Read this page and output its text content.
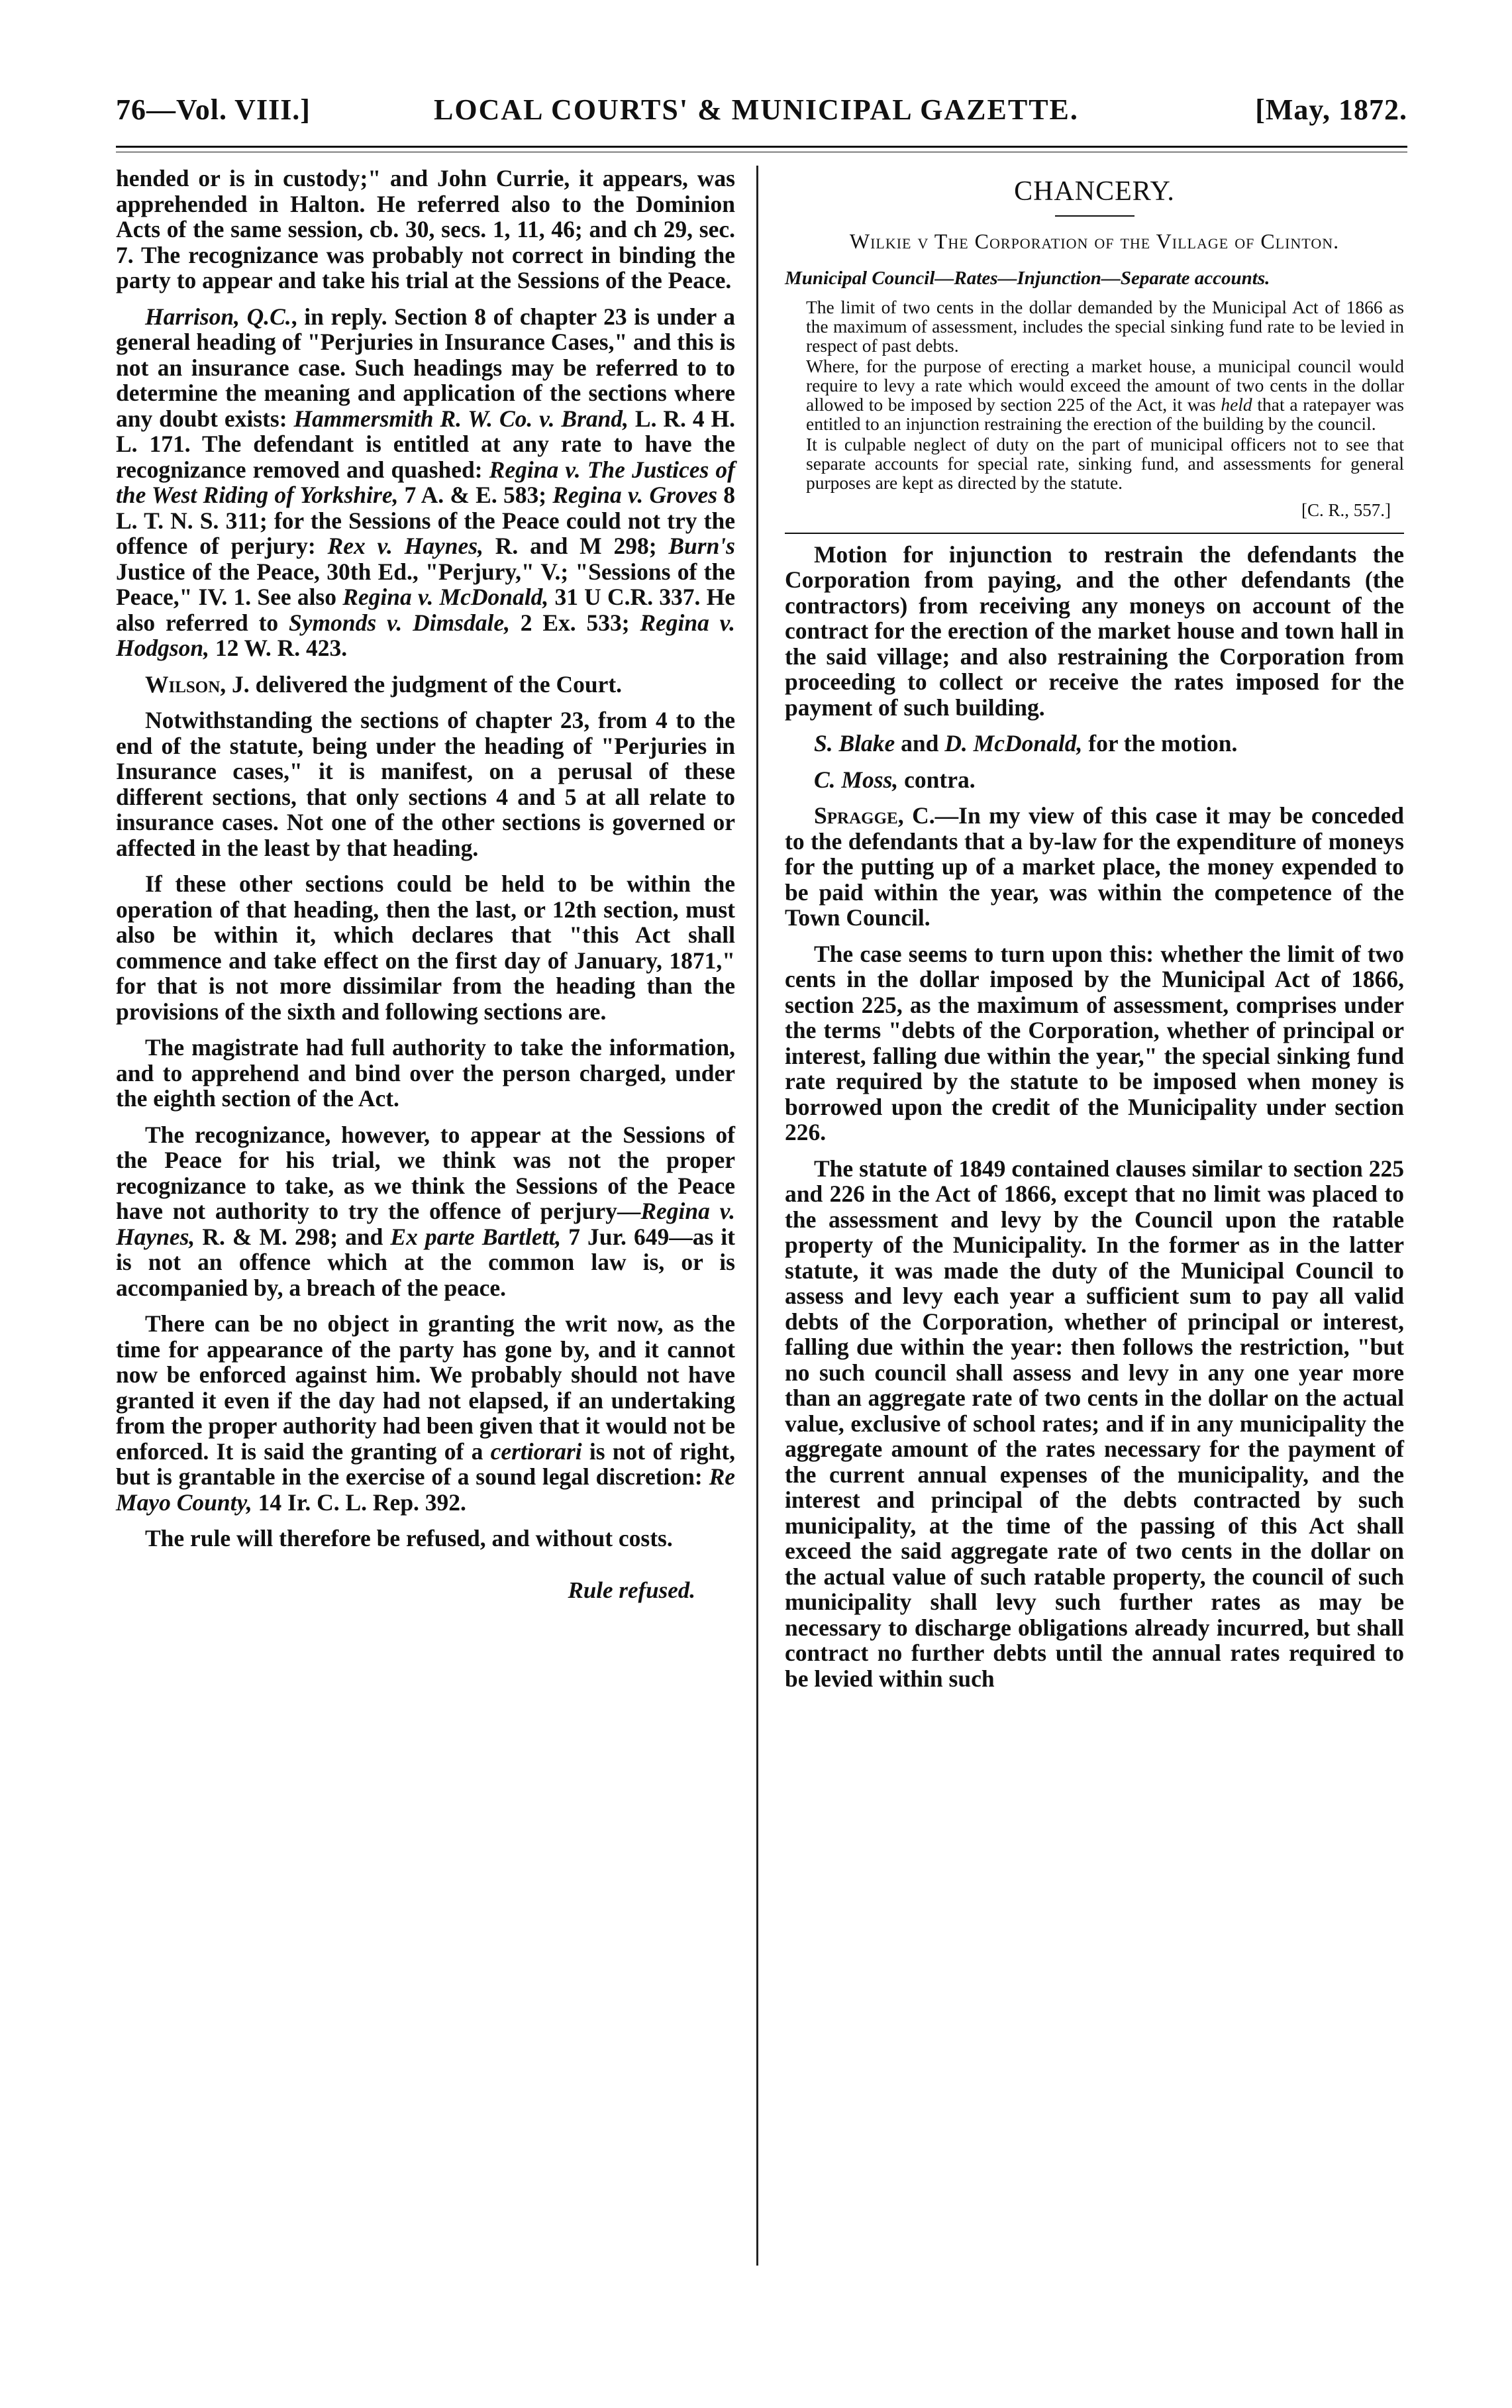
76—Vol. VIII.]	LOCAL COURTS' & MUNICIPAL GAZETTE.	[May, 1872.

hended or is in custody;" and John Currie, it appears, was apprehended in Halton. He referred also to the Dominion Acts of the same session, cb. 30, secs. 1, 11, 46; and ch 29, sec. 7. The recognizance was probably not correct in binding the party to appear and take his trial at the Sessions of the Peace.

Harrison, Q.C., in reply. Section 8 of chapter 23 is under a general heading of "Perjuries in Insurance Cases," and this is not an insurance case. Such headings may be referred to to determine the meaning and application of the sections where any doubt exists: Hammersmith R. W. Co. v. Brand, L. R. 4 H. L. 171. The defendant is entitled at any rate to have the recognizance removed and quashed: Regina v. The Justices of the West Riding of Yorkshire, 7 A. & E. 583; Regina v. Groves 8 L. T. N. S. 311; for the Sessions of the Peace could not try the offence of perjury: Rex v. Haynes, R. and M 298; Burn's Justice of the Peace, 30th Ed., "Perjury," V.; "Sessions of the Peace," IV. 1. See also Regina v. McDonald, 31 U C.R. 337. He also referred to Symonds v. Dimsdale, 2 Ex. 533; Regina v. Hodgson, 12 W. R. 423.

Wilson, J. delivered the judgment of the Court.

Notwithstanding the sections of chapter 23, from 4 to the end of the statute, being under the heading of "Perjuries in Insurance cases," it is manifest, on a perusal of these different sections, that only sections 4 and 5 at all relate to insurance cases. Not one of the other sections is governed or affected in the least by that heading.

If these other sections could be held to be within the operation of that heading, then the last, or 12th section, must also be within it, which declares that "this Act shall commence and take effect on the first day of January, 1871," for that is not more dissimilar from the heading than the provisions of the sixth and following sections are.

The magistrate had full authority to take the information, and to apprehend and bind over the person charged, under the eighth section of the Act.

The recognizance, however, to appear at the Sessions of the Peace for his trial, we think was not the proper recognizance to take, as we think the Sessions of the Peace have not authority to try the offence of perjury—Regina v. Haynes, R. & M. 298; and Ex parte Bartlett, 7 Jur. 649—as it is not an offence which at the common law is, or is accompanied by, a breach of the peace.

There can be no object in granting the writ now, as the time for appearance of the party has gone by, and it cannot now be enforced against him. We probably should not have granted it even if the day had not elapsed, if an undertaking from the proper authority had been given that it would not be enforced. It is said the granting of a certiorari is not of right, but is grantable in the exercise of a sound legal discretion: Re Mayo County, 14 Ir. C. L. Rep. 392.

The rule will therefore be refused, and without costs.

Rule refused.
CHANCERY.
Wilkie v The Corporation of the Village of Clinton.
Municipal Council—Rates—Injunction—Separate accounts.

The limit of two cents in the dollar demanded by the Municipal Act of 1866 as the maximum of assessment, includes the special sinking fund rate to be levied in respect of past debts.

Where, for the purpose of erecting a market house, a municipal council would require to levy a rate which would exceed the amount of two cents in the dollar allowed to be imposed by section 225 of the Act, it was held that a ratepayer was entitled to an injunction restraining the erection of the building by the council.

It is culpable neglect of duty on the part of municipal officers not to see that separate accounts for special rate, sinking fund, and assessments for general purposes are kept as directed by the statute.

[C. R., 557.]

Motion for injunction to restrain the defendants the Corporation from paying, and the other defendants (the contractors) from receiving any moneys on account of the contract for the erection of the market house and town hall in the said village; and also restraining the Corporation from proceeding to collect or receive the rates imposed for the payment of such building.

S. Blake and D. McDonald, for the motion.

C. Moss, contra.

Spragge, C.—In my view of this case it may be conceded to the defendants that a by-law for the expenditure of moneys for the putting up of a market place, the money expended to be paid within the year, was within the competence of the Town Council.

The case seems to turn upon this: whether the limit of two cents in the dollar imposed by the Municipal Act of 1866, section 225, as the maximum of assessment, comprises under the terms "debts of the Corporation, whether of principal or interest, falling due within the year," the special sinking fund rate required by the statute to be imposed when money is borrowed upon the credit of the Municipality under section 226.

The statute of 1849 contained clauses similar to section 225 and 226 in the Act of 1866, except that no limit was placed to the assessment and levy by the Council upon the ratable property of the Municipality. In the former as in the latter statute, it was made the duty of the Municipal Council to assess and levy each year a sufficient sum to pay all valid debts of the Corporation, whether of principal or interest, falling due within the year: then follows the restriction, "but no such council shall assess and levy in any one year more than an aggregate rate of two cents in the dollar on the actual value, exclusive of school rates; and if in any municipality the aggregate amount of the rates necessary for the payment of the current annual expenses of the municipality, and the interest and principal of the debts contracted by such municipality, at the time of the passing of this Act shall exceed the said aggregate rate of two cents in the dollar on the actual value of such ratable property, the council of such municipality shall levy such further rates as may be necessary to discharge obligations already incurred, but shall contract no further debts until the annual rates required to be levied within such
